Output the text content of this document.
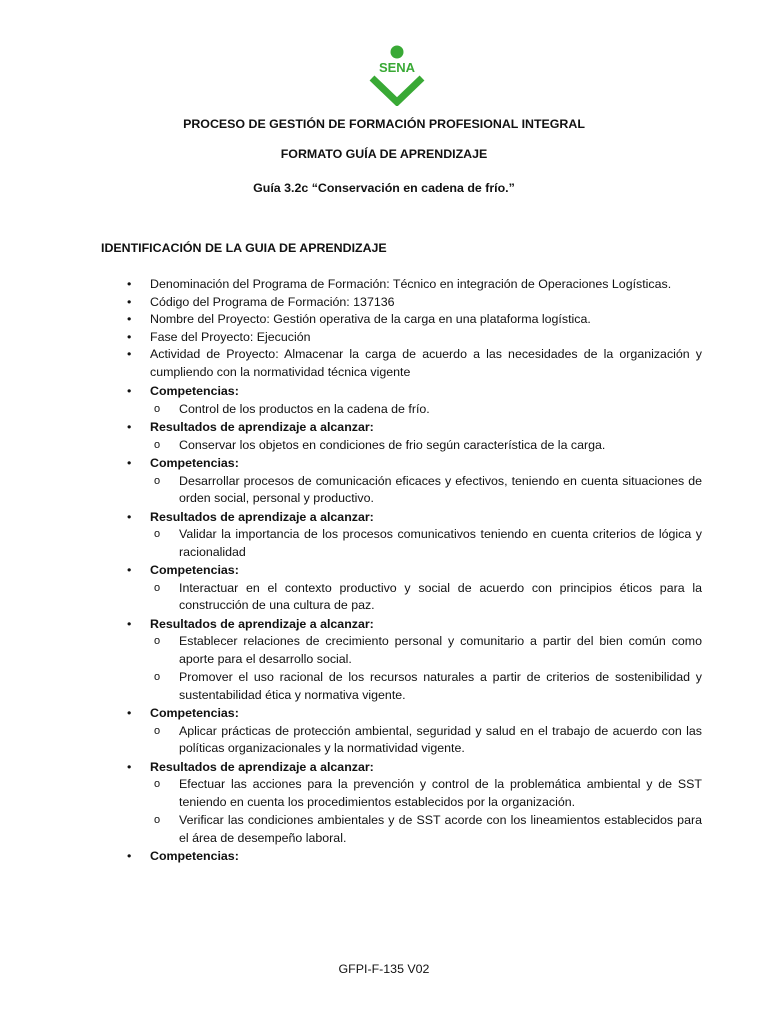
SENA
PROCESO DE GESTIÓN DE FORMACIÓN PROFESIONAL INTEGRAL
FORMATO GUÍA DE APRENDIZAJE
Guía 3.2c “Conservación en cadena de frío.”
IDENTIFICACIÓN DE LA GUIA DE APRENDIZAJE
• Denominación del Programa de Formación: Técnico en integración de Operaciones Logísticas.
• Código del Programa de Formación: 137136
• Nombre del Proyecto: Gestión operativa de la carga en una plataforma logística.
• Fase del Proyecto: Ejecución
• Actividad de Proyecto: Almacenar la carga de acuerdo a las necesidades de la organización y cumpliendo con la normatividad técnica vigente
• Competencias:
o Control de los productos en la cadena de frío.
• Resultados de aprendizaje a alcanzar:
o Conservar los objetos en condiciones de frio según característica de la carga.
• Competencias:
o Desarrollar procesos de comunicación eficaces y efectivos, teniendo en cuenta situaciones de orden social, personal y productivo.
• Resultados de aprendizaje a alcanzar:
o Validar la importancia de los procesos comunicativos teniendo en cuenta criterios de lógica y racionalidad
• Competencias:
o Interactuar en el contexto productivo y social de acuerdo con principios éticos para la construcción de una cultura de paz.
• Resultados de aprendizaje a alcanzar:
o Establecer relaciones de crecimiento personal y comunitario a partir del bien común como aporte para el desarrollo social.
o Promover el uso racional de los recursos naturales a partir de criterios de sostenibilidad y sustentabilidad ética y normativa vigente.
• Competencias:
o Aplicar prácticas de protección ambiental, seguridad y salud en el trabajo de acuerdo con las políticas organizacionales y la normatividad vigente.
• Resultados de aprendizaje a alcanzar:
o Efectuar las acciones para la prevención y control de la problemática ambiental y de SST teniendo en cuenta los procedimientos establecidos por la organización.
o Verificar las condiciones ambientales y de SST acorde con los lineamientos establecidos para el área de desempeño laboral.
• Competencias:
GFPI-F-135 V02
